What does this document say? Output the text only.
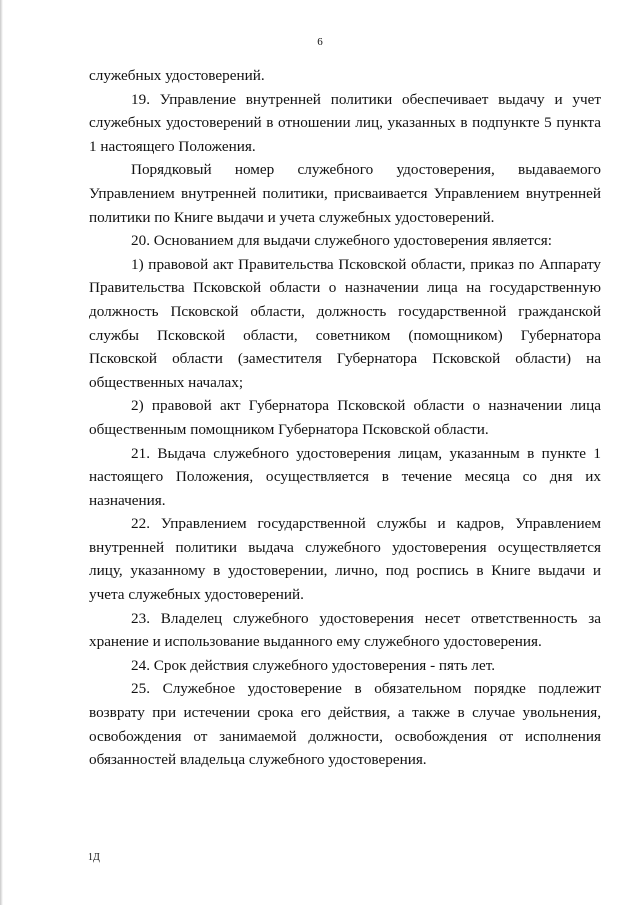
6

служебных удостоверений.

19. Управление внутренней политики обеспечивает выдачу и учет служебных удостоверений в отношении лиц, указанных в подпункте 5 пункта 1 настоящего Положения.

Порядковый номер служебного удостоверения, выдаваемого Управлением внутренней политики, присваивается Управлением внутренней политики по Книге выдачи и учета служебных удостоверений.

20. Основанием для выдачи служебного удостоверения является:

1) правовой акт Правительства Псковской области, приказ по Аппарату Правительства Псковской области о назначении лица на государственную должность Псковской области, должность государственной гражданской службы Псковской области, советником (помощником) Губернатора Псковской области (заместителя Губернатора Псковской области) на общественных началах;

2) правовой акт Губернатора Псковской области о назначении лица общественным помощником Губернатора Псковской области.

21. Выдача служебного удостоверения лицам, указанным в пункте 1 настоящего Положения, осуществляется в течение месяца со дня их назначения.

22. Управлением государственной службы и кадров, Управлением внутренней политики выдача служебного удостоверения осуществляется лицу, указанному в удостоверении, лично, под роспись в Книге выдачи и учета служебных удостоверений.

23. Владелец служебного удостоверения несет ответственность за хранение и использование выданного ему служебного удостоверения.

24. Срок действия служебного удостоверения - пять лет.

25. Служебное удостоверение в обязательном порядке подлежит возврату при истечении срока его действия, а также в случае увольнения, освобождения от занимаемой должности, освобождения от исполнения обязанностей владельца служебного удостоверения.

1Д
